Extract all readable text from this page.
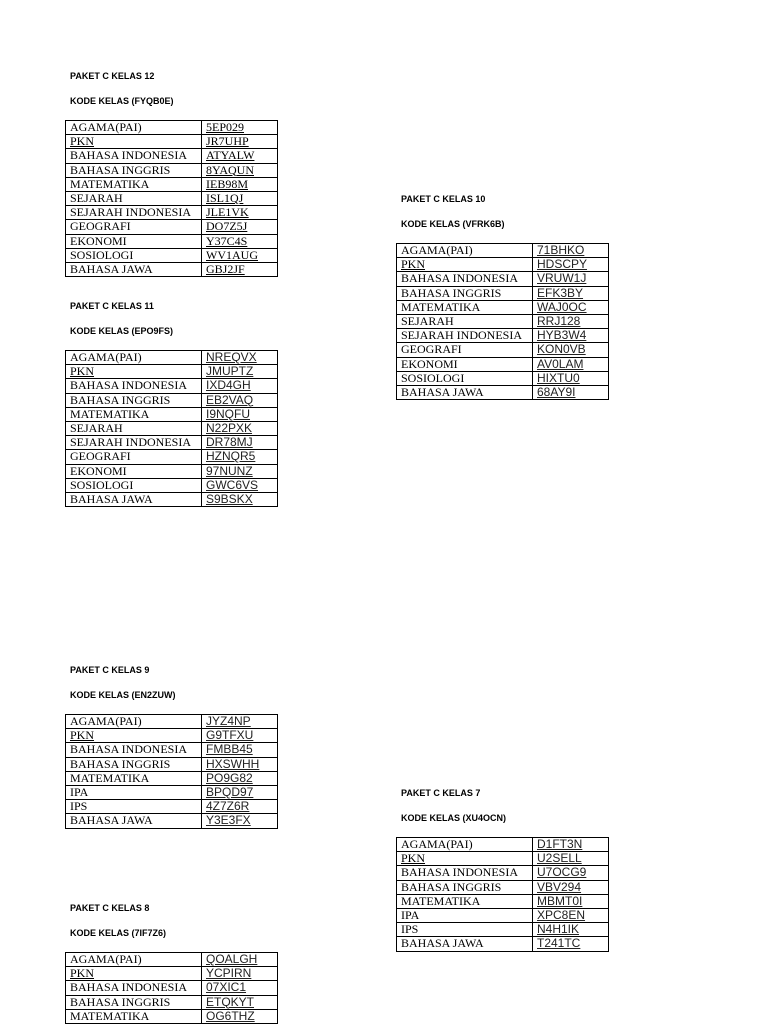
PAKET C KELAS 12
KODE KELAS (FYQB0E)
AGAMA(PAI)	5EP029
PKN	JR7UHP
BAHASA INDONESIA	ATYALW
BAHASA INGGRIS	8YAQUN
MATEMATIKA	IEB98M
SEJARAH	ISL1QJ
SEJARAH INDONESIA	JLE1VK
GEOGRAFI	DO7Z5J
EKONOMI	Y37C4S
SOSIOLOGI	WV1AUG
BAHASA JAWA	GBJ2JF
PAKET C KELAS 11
KODE KELAS (EPO9FS)
AGAMA(PAI)	NREQVX
PKN	JMUPTZ
BAHASA INDONESIA	IXD4GH
BAHASA INGGRIS	EB2VAQ
MATEMATIKA	I9NQFU
SEJARAH	N22PXK
SEJARAH INDONESIA	DR78MJ
GEOGRAFI	HZNQR5
EKONOMI	97NUNZ
SOSIOLOGI	GWC6VS
BAHASA JAWA	S9BSKX
PAKET C KELAS 10
KODE KELAS (VFRK6B)
AGAMA(PAI)	71BHKO
PKN	HDSCPY
BAHASA INDONESIA	VRUW1J
BAHASA INGGRIS	EFK3BY
MATEMATIKA	WAJ0OC
SEJARAH	RRJ128
SEJARAH INDONESIA	HYB3W4
GEOGRAFI	KON0VB
EKONOMI	AV0LAM
SOSIOLOGI	HIXTU0
BAHASA JAWA	68AY9I
PAKET C KELAS 9
KODE KELAS (EN2ZUW)
AGAMA(PAI)	JYZ4NP
PKN	G9TFXU
BAHASA INDONESIA	FMBB45
BAHASA INGGRIS	HXSWHH
MATEMATIKA	PO9G82
IPA	BPQD97
IPS	4Z7Z6R
BAHASA JAWA	Y3E3FX
PAKET C KELAS 7
KODE KELAS (XU4OCN)
AGAMA(PAI)	D1FT3N
PKN	U2SELL
BAHASA INDONESIA	U7OCG9
BAHASA INGGRIS	VBV294
MATEMATIKA	MBMT0I
IPA	XPC8EN
IPS	N4H1IK
BAHASA JAWA	T241TC
PAKET C KELAS 8
KODE KELAS (7IF7Z6)
AGAMA(PAI)	QOALGH
PKN	YCPIRN
BAHASA INDONESIA	07XIC1
BAHASA INGGRIS	ETQKYT
MATEMATIKA	OG6THZ
